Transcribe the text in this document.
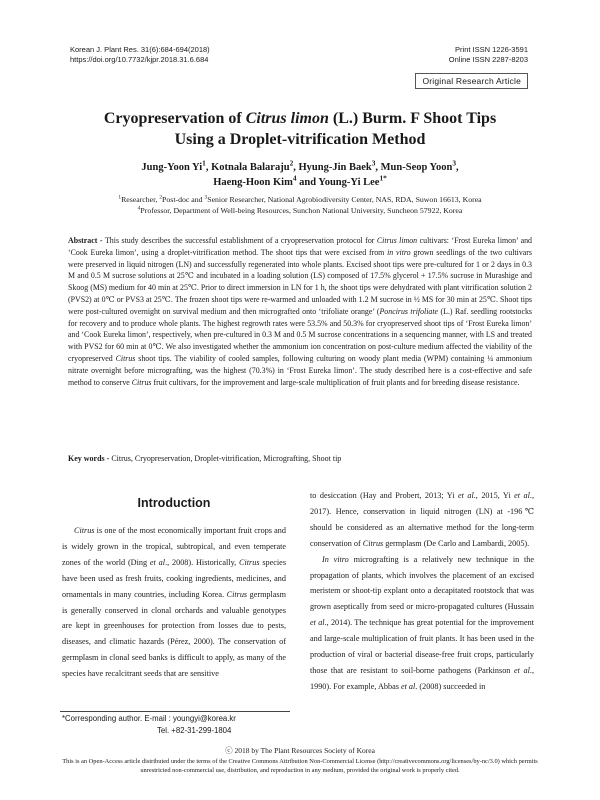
Korean J. Plant Res. 31(6):684-694(2018)
https://doi.org/10.7732/kjpr.2018.31.6.684
Print ISSN 1226-3591
Online ISSN 2287-8203
Original Research Article
Cryopreservation of Citrus limon (L.) Burm. F Shoot Tips
Using a Droplet-vitrification Method
Jung-Yoon Yi$^1$, Kotnala Balaraju$^2$, Hyung-Jin Baek$^3$, Mun-Seop Yoon$^3$,
Haeng-Hoon Kim$^4$ and Young-Yi Lee$^{1*}$
$^1$Researcher, $^2$Post-doc and $^3$Senior Researcher, National Agrobiodiversity Center, NAS, RDA, Suwon 16613, Korea
$^4$Professor, Department of Well-being Resources, Sunchon National University, Suncheon 57922, Korea
Abstract - This study describes the successful establishment of a cryopreservation protocol for Citrus limon cultivars: ‘Frost Eureka limon’ and ‘Cook Eureka limon’, using a droplet-vitrification method. The shoot tips that were excised from in vitro grown seedlings of the two cultivars were preserved in liquid nitrogen (LN) and successfully regenerated into whole plants. Excised shoot tips were pre-cultured for 1 or 2 days in 0.3 M and 0.5 M sucrose solutions at 25℃ and incubated in a loading solution (LS) composed of 17.5% glycerol + 17.5% sucrose in Murashige and Skoog (MS) medium for 40 min at 25℃. Prior to direct immersion in LN for 1 h, the shoot tips were dehydrated with plant vitrification solution 2 (PVS2) at 0℃ or PVS3 at 25℃. The frozen shoot tips were re-warmed and unloaded with 1.2 M sucrose in ½ MS for 30 min at 25℃. Shoot tips were post-cultured overnight on survival medium and then micrografted onto ‘trifoliate orange’ (Poncirus trifoliate (L.) Raf. seedling rootstocks for recovery and to produce whole plants. The highest regrowth rates were 53.5% and 50.3% for cryopreserved shoot tips of ‘Frost Eureka limon’ and ‘Cook Eureka limon’, respectively, when pre-cultured in 0.3 M and 0.5 M sucrose concentrations in a sequencing manner, with LS and treated with PVS2 for 60 min at 0℃. We also investigated whether the ammonium ion concentration on post-culture medium affected the viability of the cryopreserved Citrus shoot tips. The viability of cooled samples, following culturing on woody plant media (WPM) containing ¼ ammonium nitrate overnight before micrografting, was the highest (70.3%) in ‘Frost Eureka limon’. The study described here is a cost-effective and safe method to conserve Citrus fruit cultivars, for the improvement and large-scale multiplication of fruit plants and for breeding disease resistance.
Key words - Citrus, Cryopreservation, Droplet-vitrification, Micrografting, Shoot tip
Introduction

Citrus is one of the most economically important fruit crops and is widely grown in the tropical, subtropical, and even temperate zones of the world (Ding et al., 2008). Historically, Citrus species have been used as fresh fruits, cooking ingredients, medicines, and ornamentals in many countries, including Korea. Citrus germplasm is generally conserved in clonal orchards and valuable genotypes are kept in greenhouses for protection from losses due to pests, diseases, and climatic hazards (Pérez, 2000). The conservation of germplasm in clonal seed banks is difficult to apply, as many of the species have recalcitrant seeds that are sensitive

to desiccation (Hay and Probert, 2013; Yi et al., 2015, Yi et al., 2017). Hence, conservation in liquid nitrogen (LN) at -196℃ should be considered as an alternative method for the long-term conservation of Citrus germplasm (De Carlo and Lambardi, 2005).

In vitro micrografting is a relatively new technique in the propagation of plants, which involves the placement of an excised meristem or shoot-tip explant onto a decapitated rootstock that was grown aseptically from seed or micro-propagated cultures (Hussain et al., 2014). The technique has great potential for the improvement and large-scale multiplication of fruit plants. It has been used in the production of viral or bacterial disease-free fruit crops, particularly those that are resistant to soil-borne pathogens (Parkinson et al., 1990). For example, Abbas et al. (2008) succeeded in

*Corresponding author. E-mail : youngyi@korea.kr
Tel. +82-31-299-1804
ⓒ 2018 by The Plant Resources Society of Korea
This is an Open-Access article distributed under the terms of the Creative Commons Attribution Non-Commercial License (http://creativecommons.org/licenses/by-nc/3.0) which permits unrestricted non-commercial use, distribution, and reproduction in any medium, provided the original work is properly cited.
